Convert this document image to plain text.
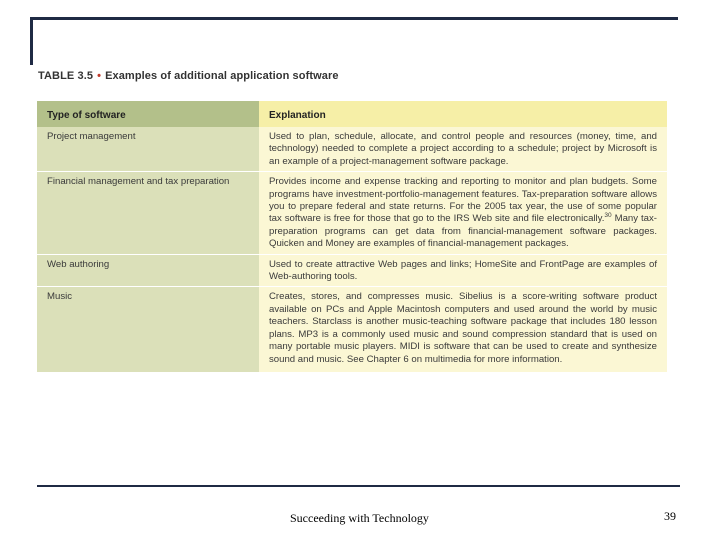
TABLE 3.5 • Examples of additional application software
Type of software	Explanation
Project management	Used to plan, schedule, allocate, and control people and resources (money, time, and technology) needed to complete a project according to a schedule; project by Microsoft is an example of a project-management software package.
Financial management and tax preparation	Provides income and expense tracking and reporting to monitor and plan budgets. Some programs have investment-portfolio-management features. Tax-preparation software allows you to prepare federal and state returns. For the 2005 tax year, the use of some popular tax software is free for those that go to the IRS Web site and file electronically.$^{30}$ Many tax-preparation programs can get data from financial-management software packages. Quicken and Money are examples of financial-management packages.
Web authoring	Used to create attractive Web pages and links; HomeSite and FrontPage are examples of Web-authoring tools.
Music	Creates, stores, and compresses music. Sibelius is a score-writing software product available on PCs and Apple Macintosh computers and used around the world by music teachers. Starclass is another music-teaching software package that includes 180 lesson plans. MP3 is a commonly used music and sound compression standard that is used on many portable music players. MIDI is software that can be used to create and synthesize sound and music. See Chapter 6 on multimedia for more information.
Succeeding with Technology	39
